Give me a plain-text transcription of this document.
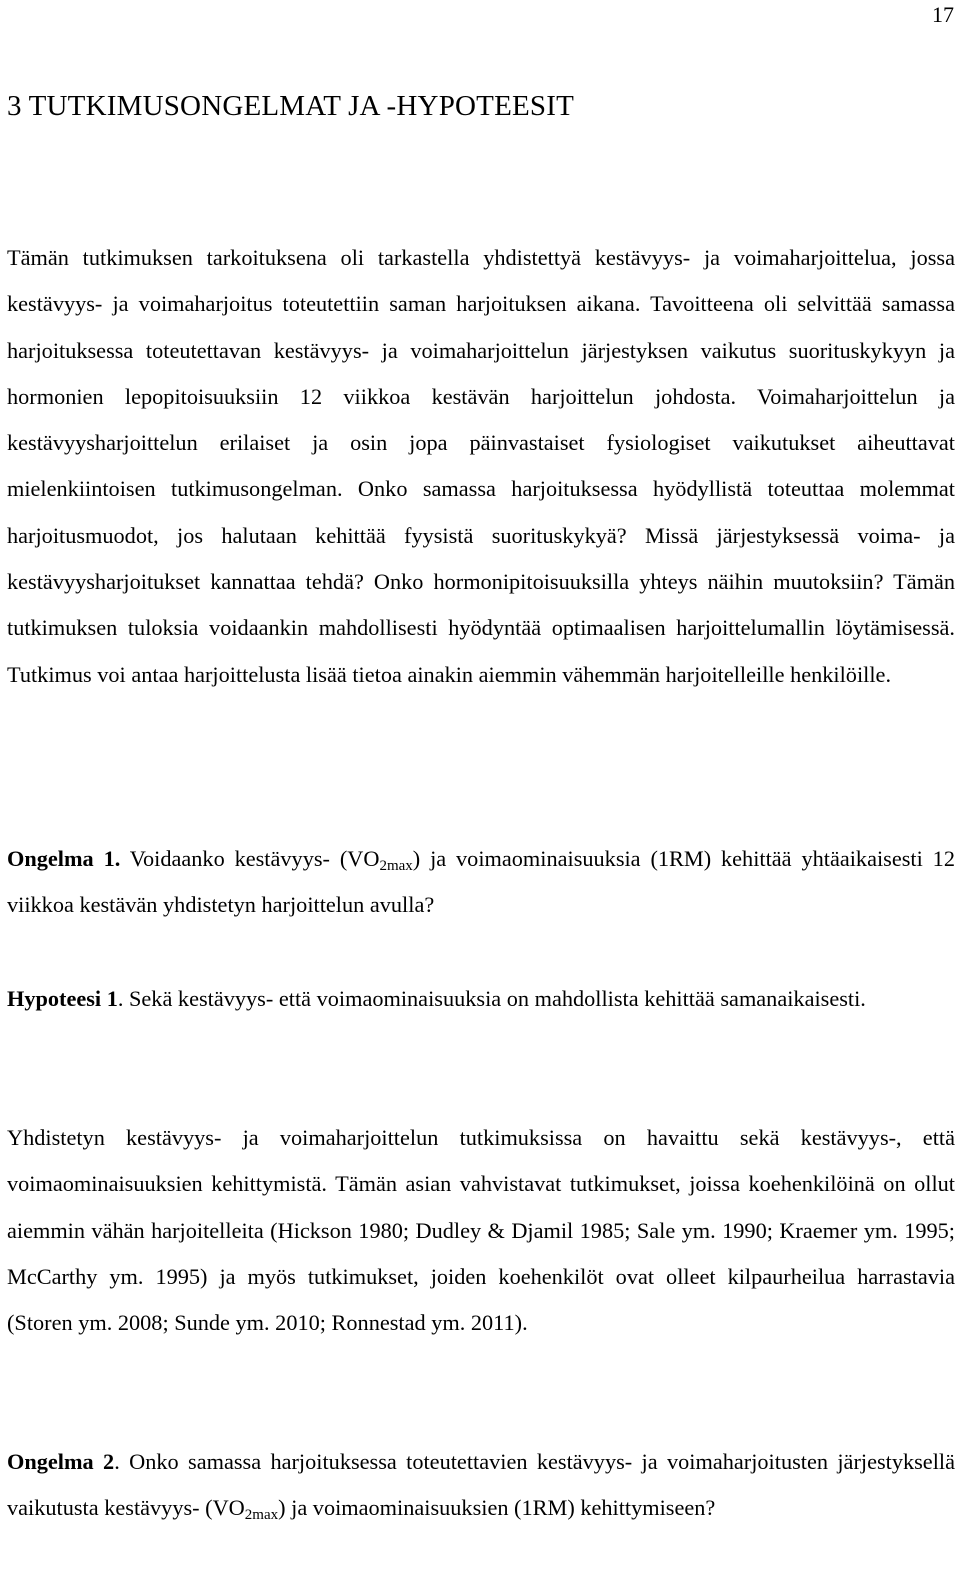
17
3 TUTKIMUSONGELMAT JA -HYPOTEESIT

Tämän tutkimuksen tarkoituksena oli tarkastella yhdistettyä kestävyys- ja voimaharjoittelua, jossa kestävyys- ja voimaharjoitus toteutettiin saman harjoituksen aikana. Tavoitteena oli selvittää samassa harjoituksessa toteutettavan kestävyys- ja voimaharjoittelun järjestyksen vaikutus suorituskykyyn ja hormonien lepopitoisuuksiin 12 viikkoa kestävän harjoittelun johdosta. Voimaharjoittelun ja kestävyysharjoittelun erilaiset ja osin jopa päinvastaiset fysiologiset vaikutukset aiheuttavat mielenkiintoisen tutkimusongelman. Onko samassa harjoituksessa hyödyllistä toteuttaa molemmat harjoitusmuodot, jos halutaan kehittää fyysistä suorituskykyä? Missä järjestyksessä voima- ja kestävyysharjoitukset kannattaa tehdä? Onko hormonipitoisuuksilla yhteys näihin muutoksiin? Tämän tutkimuksen tuloksia voidaankin mahdollisesti hyödyntää optimaalisen harjoittelumallin löytämisessä. Tutkimus voi antaa harjoittelusta lisää tietoa ainakin aiemmin vähemmän harjoitelleille henkilöille.

Ongelma 1. Voidaanko kestävyys- $(VO_{2max})$ ja voimaominaisuuksia (1RM) kehittää yhtäaikaisesti 12 viikkoa kestävän yhdistetyn harjoittelun avulla?

Hypoteesi 1. Sekä kestävyys- että voimaominaisuuksia on mahdollista kehittää samanaikaisesti.

Yhdistetyn kestävyys- ja voimaharjoittelun tutkimuksissa on havaittu sekä kestävyys-, että voimaominaisuuksien kehittymistä. Tämän asian vahvistavat tutkimukset, joissa koehenkilöinä on ollut aiemmin vähän harjoitelleita (Hickson 1980; Dudley & Djamil 1985; Sale ym. 1990; Kraemer ym. 1995; McCarthy ym. 1995) ja myös tutkimukset, joiden koehenkilöt ovat olleet kilpaurheilua harrastavia (Storen ym. 2008; Sunde ym. 2010; Ronnestad ym. 2011).

Ongelma 2. Onko samassa harjoituksessa toteutettavien kestävyys- ja voimaharjoitusten järjestyksellä vaikutusta kestävyys- $(VO_{2max})$ ja voimaominaisuuksien (1RM) kehittymiseen?
